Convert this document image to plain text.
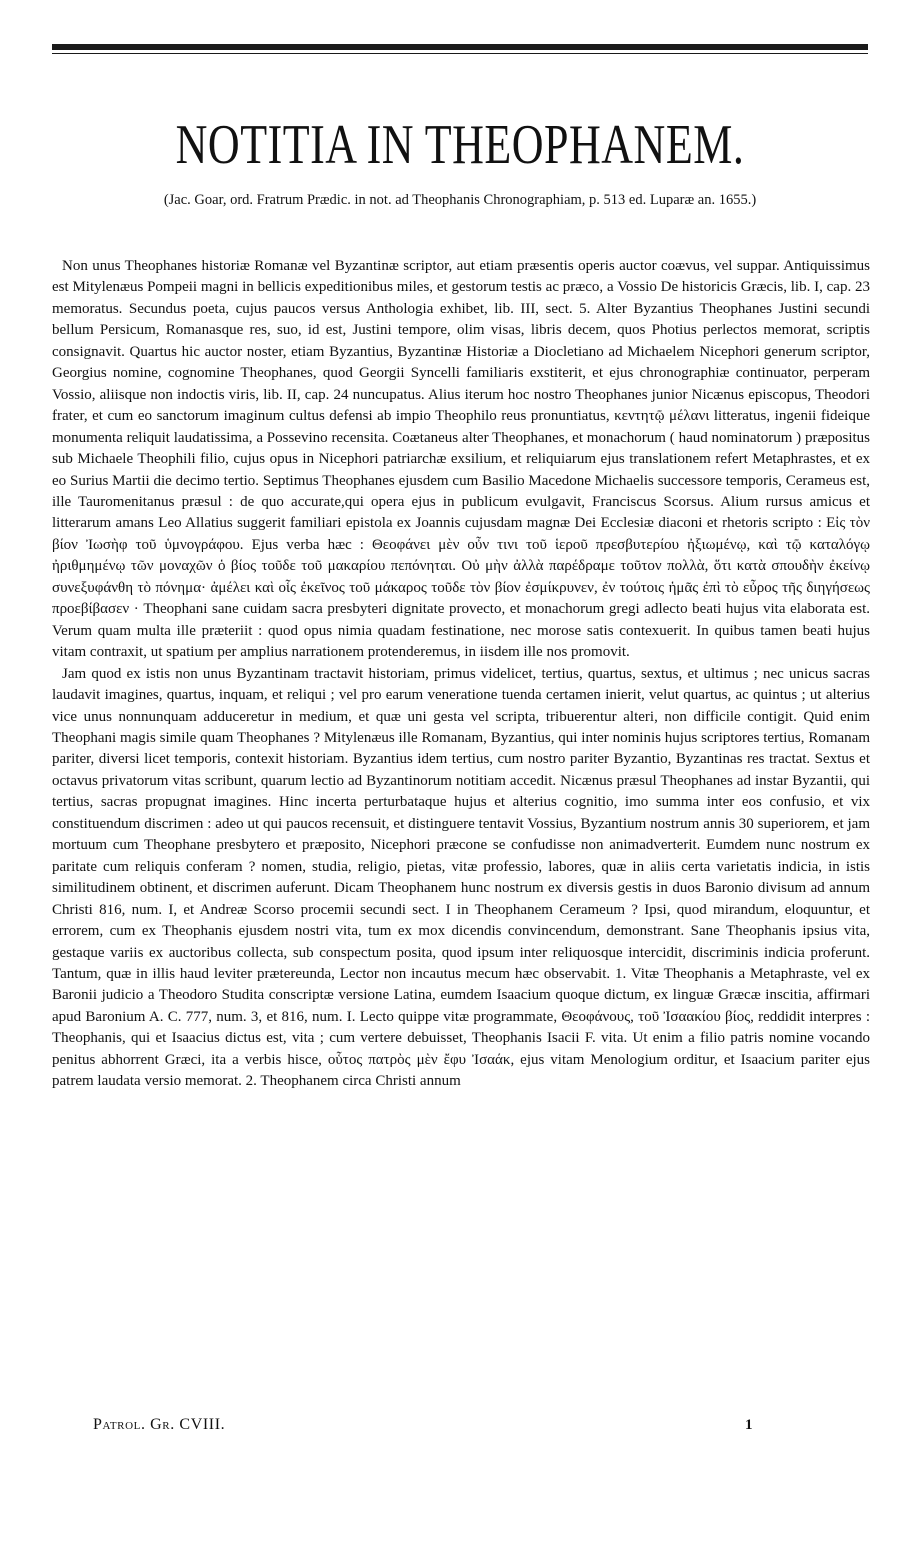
NOTITIA IN THEOPHANEM.
(Jac. Goar, ord. Fratrum Prædic. in not. ad Theophanis Chronographiam, p. 513 ed. Luparæ an. 1655.)

Non unus Theophanes historiæ Romanæ vel Byzantinæ scriptor, aut etiam præsentis operis auctor coævus, vel suppar. Antiquissimus est Mitylenæus Pompeii magni in bellicis expeditionibus miles, et gestorum testis ac præco, a Vossio De historicis Græcis, lib. I, cap. 23 memoratus. Secundus poeta, cujus paucos versus Anthologia exhibet, lib. III, sect. 5. Alter Byzantius Theophanes Justini secundi bellum Persicum, Romanasque res, suo, id est, Justini tempore, olim visas, libris decem, quos Photius perlectos memorat, scriptis consignavit. Quartus hic auctor noster, etiam Byzantius, Byzantinæ Historiæ a Diocletiano ad Michaelem Nicephori generum scriptor, Georgius nomine, cognomine Theophanes, quod Georgii Syncelli familiaris exstiterit, et ejus chronographiæ continuator, perperam Vossio, aliisque non indoctis viris, lib. II, cap. 24 nuncupatus. Alius iterum hoc nostro Theophanes junior Nicænus episcopus, Theodori frater, et cum eo sanctorum imaginum cultus defensi ab impio Theophilo reus pronuntiatus, κεντητῷ μέλανι litteratus, ingenii fideique monumenta reliquit laudatissima, a Possevino recensita. Coætaneus alter Theophanes, et monachorum ( haud nominatorum ) præpositus sub Michaele Theophili filio, cujus opus in Nicephori patriarchæ exsilium, et reliquiarum ejus translationem refert Metaphrastes, et ex eo Surius Martii die decimo tertio. Septimus Theophanes ejusdem cum Basilio Macedone Michaelis successore temporis, Cerameus est, ille Tauromenitanus præsul : de quo accurate,qui opera ejus in publicum evulgavit, Franciscus Scorsus. Alium rursus amicus et litterarum amans Leo Allatius suggerit familiari epistola ex Joannis cujusdam magnæ Dei Ecclesiæ diaconi et rhetoris scripto : Εἰς τὸν βίον Ἰωσὴφ τοῦ ὑμνογράφου. Ejus verba hæc : Θεοφάνει μὲν οὖν τινι τοῦ ἱεροῦ πρεσβυτερίου ἠξιωμένῳ, καὶ τῷ καταλόγῳ ἠριθμημένῳ τῶν μοναχῶν ὁ βίος τοῦδε τοῦ μακαρίου πεπόνηται. Οὐ μὴν ἀλλὰ παρέδραμε τοῦτον πολλὰ, ὅτι κατὰ σπουδὴν ἐκείνῳ συνεξυφάνθη τὸ πόνημα· ἀμέλει καὶ οἷς ἐκεῖνος τοῦ μάκαρος τοῦδε τὸν βίον ἐσμίκρυνεν, ἐν τούτοις ἡμᾶς ἐπὶ τὸ εὖρος τῆς διηγήσεως προεβίβασεν · Theophani sane cuidam sacra presbyteri dignitate provecto, et monachorum gregi adlecto beati hujus vita elaborata est. Verum quam multa ille præteriit : quod opus nimia quadam festinatione, nec morose satis contexuerit. In quibus tamen beati hujus vitam contraxit, ut spatium per amplius narrationem protenderemus, in iisdem ille nos promovit.

Jam quod ex istis non unus Byzantinam tractavit historiam, primus videlicet, tertius, quartus, sextus, et ultimus ; nec unicus sacras laudavit imagines, quartus, inquam, et reliqui ; vel pro earum veneratione tuenda certamen inierit, velut quartus, ac quintus ; ut alterius vice unus nonnunquam adduceretur in medium, et quæ uni gesta vel scripta, tribuerentur alteri, non difficile contigit. Quid enim Theophani magis simile quam Theophanes ? Mitylenæus ille Romanam, Byzantius, qui inter nominis hujus scriptores tertius, Romanam pariter, diversi licet temporis, contexit historiam. Byzantius idem tertius, cum nostro pariter Byzantio, Byzantinas res tractat. Sextus et octavus privatorum vitas scribunt, quarum lectio ad Byzantinorum notitiam accedit. Nicænus præsul Theophanes ad instar Byzantii, qui tertius, sacras propugnat imagines. Hinc incerta perturbataque hujus et alterius cognitio, imo summa inter eos confusio, et vix constituendum discrimen : adeo ut qui paucos recensuit, et distinguere tentavit Vossius, Byzantium nostrum annis 30 superiorem, et jam mortuum cum Theophane presbytero et præposito, Nicephori præcone se confudisse non animadverterit. Eumdem nunc nostrum ex paritate cum reliquis conferam ? nomen, studia, religio, pietas, vitæ professio, labores, quæ in aliis certa varietatis indicia, in istis similitudinem obtinent, et discrimen auferunt. Dicam Theophanem hunc nostrum ex diversis gestis in duos Baronio divisum ad annum Christi 816, num. I, et Andreæ Scorso procemii secundi sect. I in Theophanem Cerameum ? Ipsi, quod mirandum, eloquuntur, et errorem, cum ex Theophanis ejusdem nostri vita, tum ex mox dicendis convincendum, demonstrant. Sane Theophanis ipsius vita, gestaque variis ex auctoribus collecta, sub conspectum posita, quod ipsum inter reliquosque intercidit, discriminis indicia proferunt. Tantum, quæ in illis haud leviter prætereunda, Lector non incautus mecum hæc observabit. 1. Vitæ Theophanis a Metaphraste, vel ex Baronii judicio a Theodoro Studita conscriptæ versione Latina, eumdem Isaacium quoque dictum, ex linguæ Græcæ inscitia, affirmari apud Baronium A. C. 777, num. 3, et 816, num. I. Lecto quippe vitæ programmate, Θεοφάνους, τοῦ Ἰσαακίου βίος, reddidit interpres : Theophanis, qui et Isaacius dictus est, vita ; cum vertere debuisset, Theophanis Isacii F. vita. Ut enim a filio patris nomine vocando penitus abhorrent Græci, ita a verbis hisce, οὗτος πατρὸς μὲν ἔφυ Ἰσαάκ, ejus vitam Menologium orditur, et Isaacium pariter ejus patrem laudata versio memorat. 2. Theophanem circa Christi annum

Patrol. Gr. CVIII.	1
